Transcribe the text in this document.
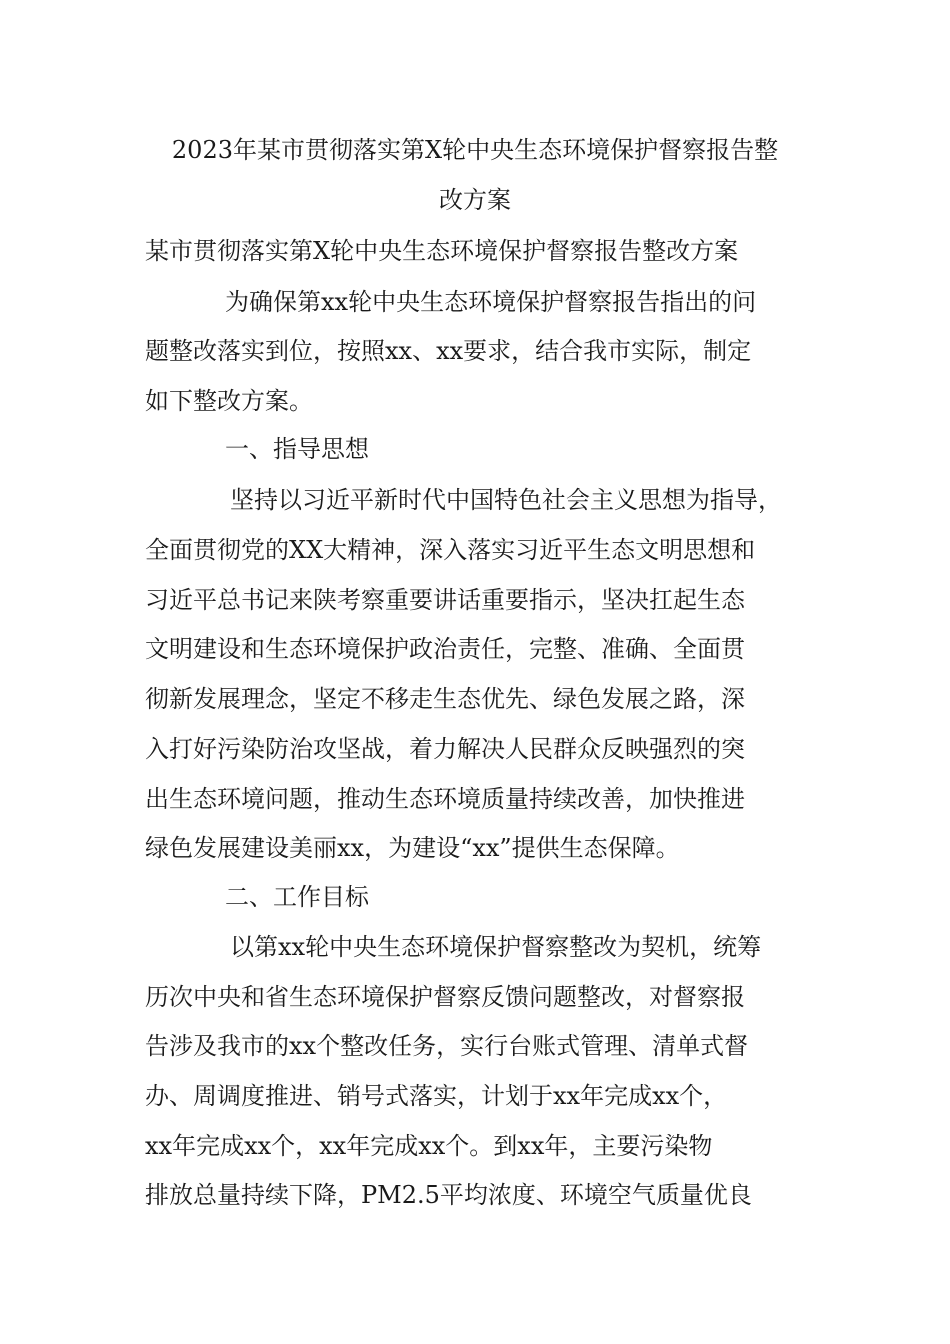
2023年某市贯彻落实第X轮中央生态环境保护督察报告整
改方案
某市贯彻落实第X轮中央生态环境保护督察报告整改方案
为确保第xx轮中央生态环境保护督察报告指出的问
题整改落实到位，按照xx、xx要求，结合我市实际，制定
如下整改方案。
一、指导思想
坚持以习近平新时代中国特色社会主义思想为指导，
全面贯彻党的XX大精神，深入落实习近平生态文明思想和
习近平总书记来陕考察重要讲话重要指示，坚决扛起生态
文明建设和生态环境保护政治责任，完整、准确、全面贯
彻新发展理念，坚定不移走生态优先、绿色发展之路，深
入打好污染防治攻坚战，着力解决人民群众反映强烈的突
出生态环境问题，推动生态环境质量持续改善，加快推进
绿色发展建设美丽xx，为建设“xx”提供生态保障。
二、工作目标
以第xx轮中央生态环境保护督察整改为契机，统筹
历次中央和省生态环境保护督察反馈问题整改，对督察报
告涉及我市的xx个整改任务，实行台账式管理、清单式督
办、周调度推进、销号式落实，计划于xx年完成xx个，
xx年完成xx个，xx年完成xx个。到xx年，主要污染物
排放总量持续下降，PM2.5平均浓度、环境空气质量优良
